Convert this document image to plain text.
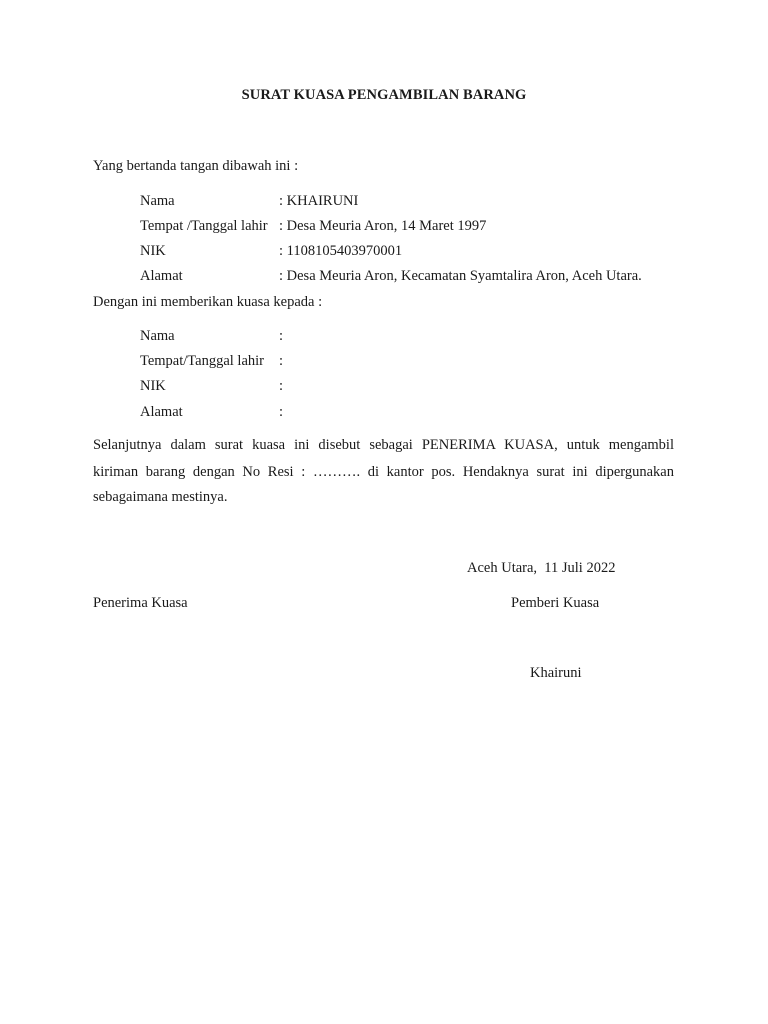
SURAT KUASA PENGAMBILAN BARANG
Yang bertanda tangan dibawah ini :
Nama	: KHAIRUNI
Tempat /Tanggal lahir : Desa Meuria Aron, 14 Maret 1997
NIK	: 1108105403970001
Alamat	: Desa Meuria Aron, Kecamatan Syamtalira Aron, Aceh Utara.
Dengan ini memberikan kuasa kepada :
Nama	:
Tempat/Tanggal lahir :
NIK	:
Alamat	:
Selanjutnya dalam surat kuasa ini disebut sebagai PENERIMA KUASA, untuk mengambil
kiriman barang dengan No Resi : ………. di kantor pos. Hendaknya surat ini dipergunakan
sebagaimana mestinya.
Aceh Utara,  11 Juli 2022
Penerima Kuasa	Pemberi Kuasa
Khairuni
